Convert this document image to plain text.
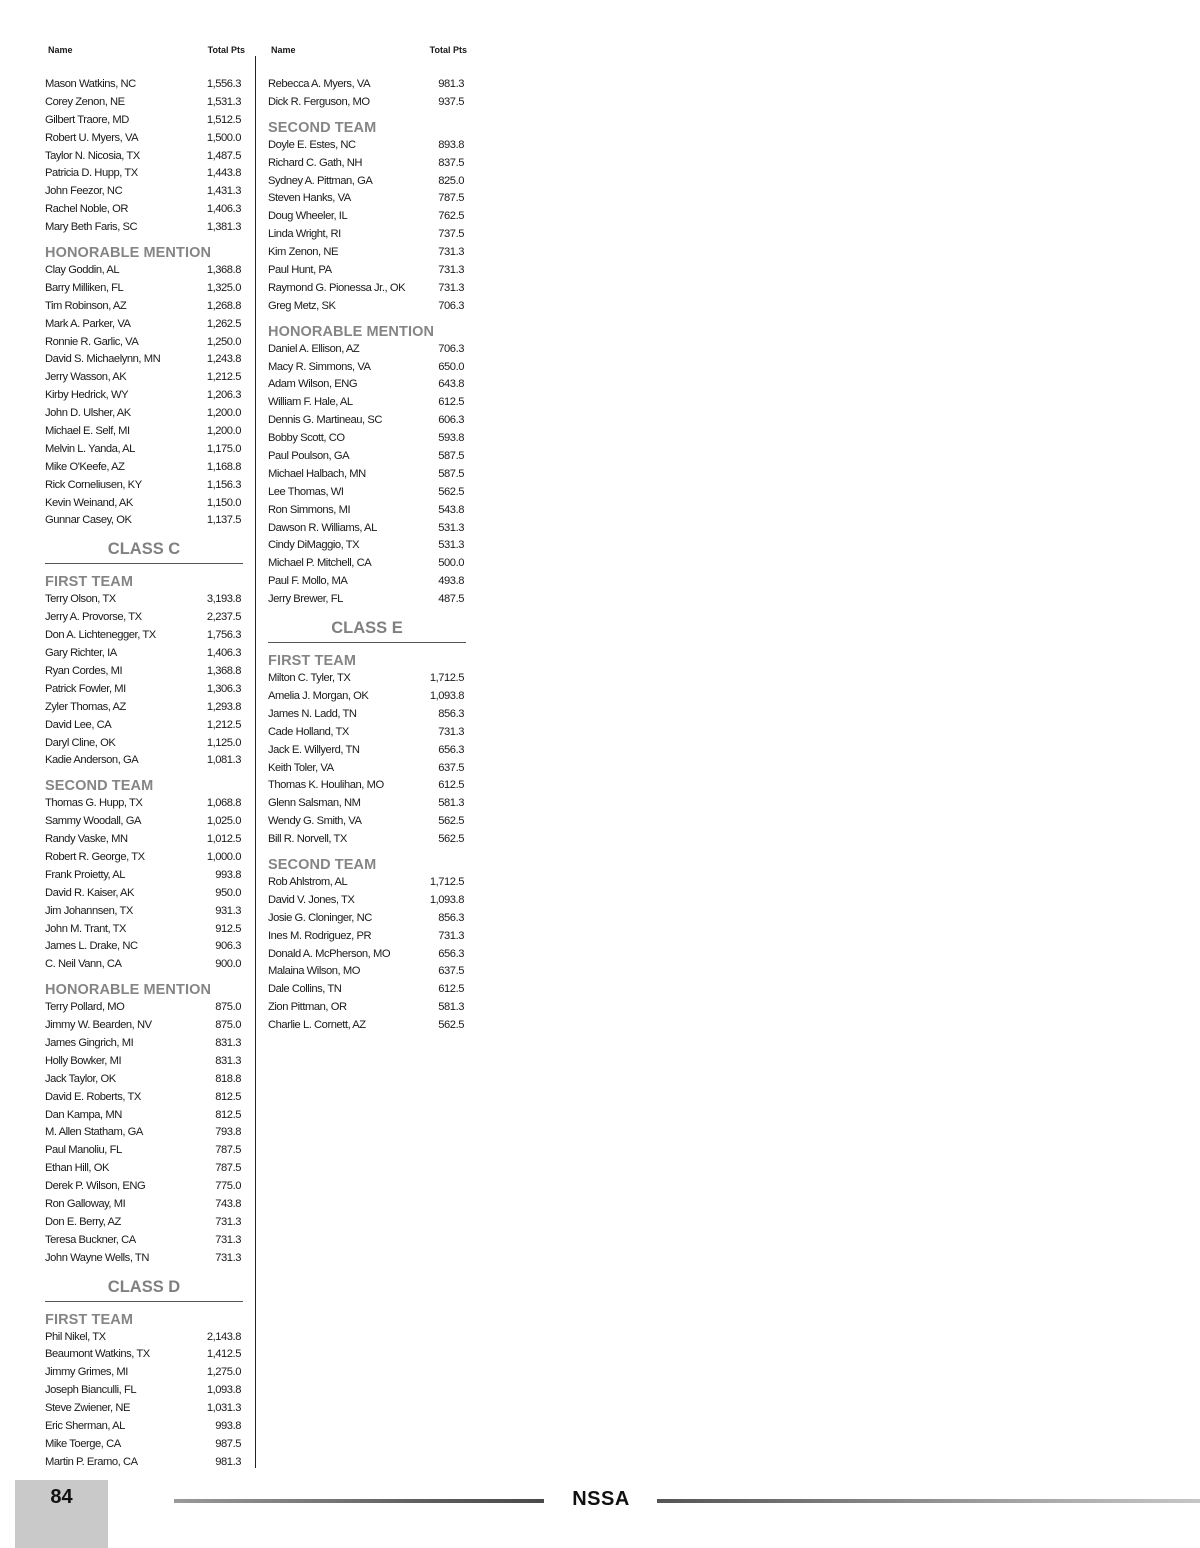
Name	Total Pts
Mason Watkins, NC	1,556.3
Corey Zenon, NE	1,531.3
Gilbert Traore, MD	1,512.5
Robert U. Myers, VA	1,500.0
Taylor N. Nicosia, TX	1,487.5
Patricia D. Hupp, TX	1,443.8
John Feezor, NC	1,431.3
Rachel Noble, OR	1,406.3
Mary Beth Faris, SC	1,381.3
HONORABLE MENTION
Clay Goddin, AL	1,368.8
Barry Milliken, FL	1,325.0
Tim Robinson, AZ	1,268.8
Mark A. Parker, VA	1,262.5
Ronnie R. Garlic, VA	1,250.0
David S. Michaelynn, MN	1,243.8
Jerry Wasson, AK	1,212.5
Kirby Hedrick, WY	1,206.3
John D. Ulsher, AK	1,200.0
Michael E. Self, MI	1,200.0
Melvin L. Yanda, AL	1,175.0
Mike O'Keefe, AZ	1,168.8
Rick Corneliusen, KY	1,156.3
Kevin Weinand, AK	1,150.0
Gunnar Casey, OK	1,137.5
CLASS C
FIRST TEAM
Terry Olson, TX	3,193.8
Jerry A. Provorse, TX	2,237.5
Don A. Lichtenegger, TX	1,756.3
Gary Richter, IA	1,406.3
Ryan Cordes, MI	1,368.8
Patrick Fowler, MI	1,306.3
Zyler Thomas, AZ	1,293.8
David Lee, CA	1,212.5
Daryl Cline, OK	1,125.0
Kadie Anderson, GA	1,081.3
SECOND TEAM
Thomas G. Hupp, TX	1,068.8
Sammy Woodall, GA	1,025.0
Randy Vaske, MN	1,012.5
Robert R. George, TX	1,000.0
Frank Proietty, AL	993.8
David R. Kaiser, AK	950.0
Jim Johannsen, TX	931.3
John M. Trant, TX	912.5
James L. Drake, NC	906.3
C. Neil Vann, CA	900.0
HONORABLE MENTION
Terry Pollard, MO	875.0
Jimmy W. Bearden, NV	875.0
James Gingrich, MI	831.3
Holly Bowker, MI	831.3
Jack Taylor, OK	818.8
David E. Roberts, TX	812.5
Dan Kampa, MN	812.5
M. Allen Statham, GA	793.8
Paul Manoliu, FL	787.5
Ethan Hill, OK	787.5
Derek P. Wilson, ENG	775.0
Ron Galloway, MI	743.8
Don E. Berry, AZ	731.3
Teresa Buckner, CA	731.3
John Wayne Wells, TN	731.3
CLASS D
FIRST TEAM
Phil Nikel, TX	2,143.8
Beaumont Watkins, TX	1,412.5
Jimmy Grimes, MI	1,275.0
Joseph Bianculli, FL	1,093.8
Steve Zwiener, NE	1,031.3
Eric Sherman, AL	993.8
Mike Toerge, CA	987.5
Martin P. Eramo, CA	981.3
Name	Total Pts
Rebecca A. Myers, VA	981.3
Dick R. Ferguson, MO	937.5
SECOND TEAM
Doyle E. Estes, NC	893.8
Richard C. Gath, NH	837.5
Sydney A. Pittman, GA	825.0
Steven Hanks, VA	787.5
Doug Wheeler, IL	762.5
Linda Wright, RI	737.5
Kim Zenon, NE	731.3
Paul Hunt, PA	731.3
Raymond G. Pionessa Jr., OK	731.3
Greg Metz, SK	706.3
HONORABLE MENTION
Daniel A. Ellison, AZ	706.3
Macy R. Simmons, VA	650.0
Adam Wilson, ENG	643.8
William F. Hale, AL	612.5
Dennis G. Martineau, SC	606.3
Bobby Scott, CO	593.8
Paul Poulson, GA	587.5
Michael Halbach, MN	587.5
Lee Thomas, WI	562.5
Ron Simmons, MI	543.8
Dawson R. Williams, AL	531.3
Cindy DiMaggio, TX	531.3
Michael P. Mitchell, CA	500.0
Paul F. Mollo, MA	493.8
Jerry Brewer, FL	487.5
CLASS E
FIRST TEAM
Milton C. Tyler, TX	1,712.5
Amelia J. Morgan, OK	1,093.8
James N. Ladd, TN	856.3
Cade Holland, TX	731.3
Jack E. Willyerd, TN	656.3
Keith Toler, VA	637.5
Thomas K. Houlihan, MO	612.5
Glenn Salsman, NM	581.3
Wendy G. Smith, VA	562.5
Bill R. Norvell, TX	562.5
SECOND TEAM
Rob Ahlstrom, AL	1,712.5
David V. Jones, TX	1,093.8
Josie G. Cloninger, NC	856.3
Ines M. Rodriguez, PR	731.3
Donald A. McPherson, MO	656.3
Malaina Wilson, MO	637.5
Dale Collins, TN	612.5
Zion Pittman, OR	581.3
Charlie L. Cornett, AZ	562.5
84	NSSA
